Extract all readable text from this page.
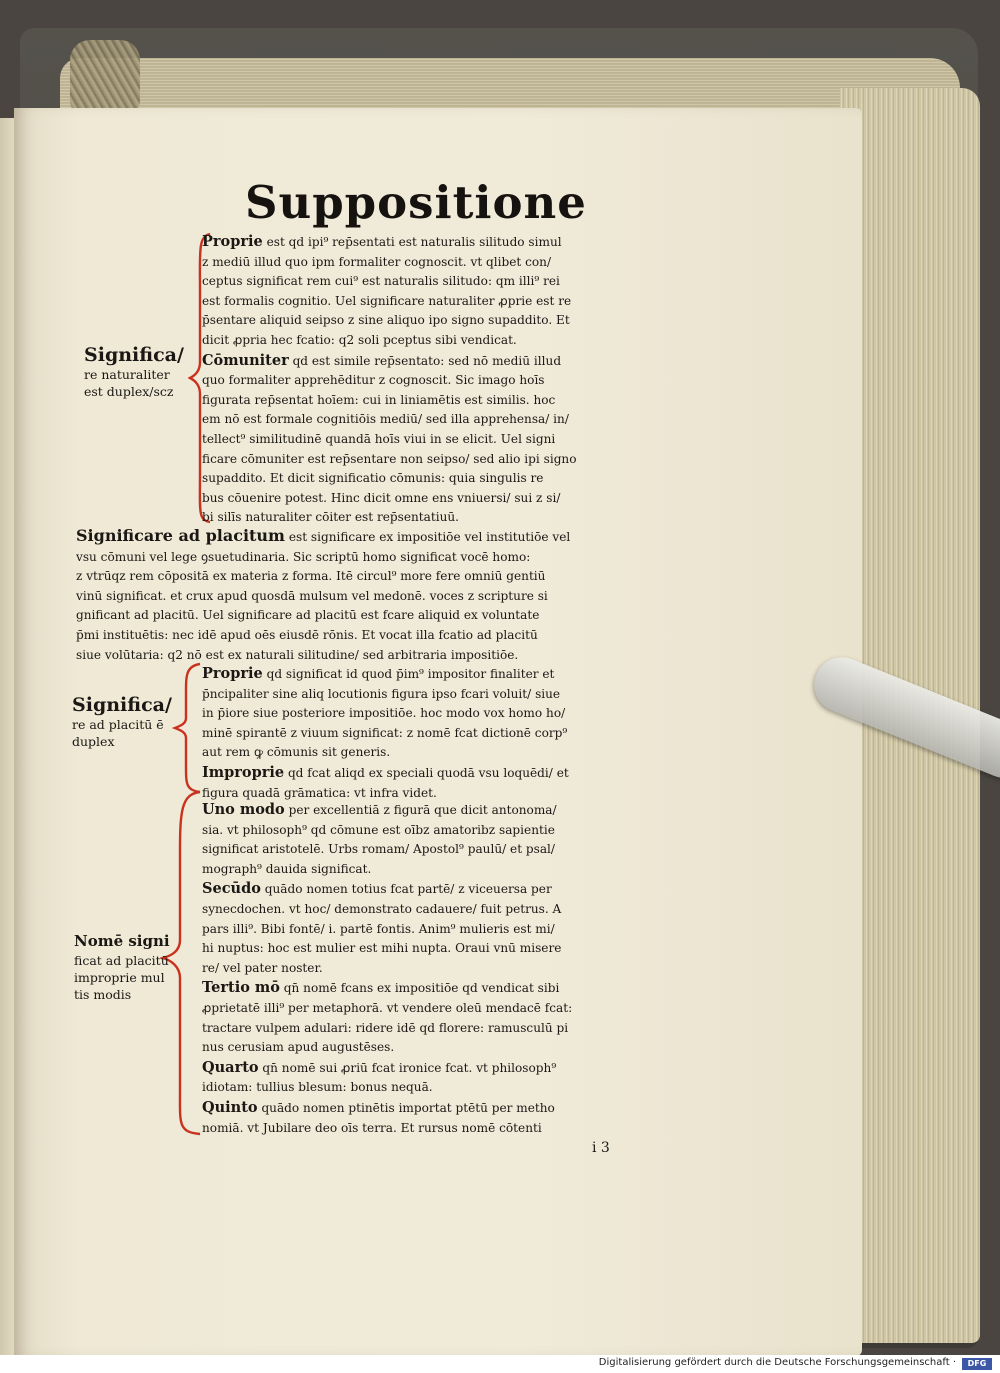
Suppositione
Significa/
re naturaliter
est duplex/scz
Significa/
re ad placitū ē
duplex
Nomē signi
ficat ad placitū
improprie mul
tis modis

Proprie est qd ipi⁹ rep̄sentati est naturalis silitudo simul
z mediū illud quo ipm formaliter cognoscit. vt qlibet con/
ceptus significat rem cui⁹ est naturalis silitudo: qm illi⁹ rei
est formalis cognitio. Uel significare naturaliter ꝓprie est re
p̄sentare aliquid seipso z sine aliquo ipo signo supaddito. Et
dicit ꝓpria hec fcatio: q2 soli pceptus sibi vendicat.

Cōmuniter qd est simile rep̄sentato: sed nō mediū illud
quo formaliter apprehēditur z cognoscit. Sic imago hoīs
figurata rep̄sentat hoīem: cui in liniamētis est similis. hoc
em nō est formale cognitiōis mediū/ sed illa apprehensa/ in/
tellect⁹ similitudinē quandā hoīs viui in se elicit. Uel signi
ficare cōmuniter est rep̄sentare non seipso/ sed alio ipi signo
supaddito. Et dicit significatio cōmunis: quia singulis re
bus cōuenire potest. Hinc dicit omne ens vniuersi/ sui z si/
bi silīs naturaliter cōiter est rep̄sentatiuū.

Significare ad placitum est significare ex impositiōe vel institutiōe vel
vsu cōmuni vel lege ꝯsuetudinaria. Sic scriptū homo significat vocē homo:
z vtrūqz rem cōpositā ex materia z forma. Itē circul⁹ more fere omniū gentiū
vinū significat. et crux apud quosdā mulsum vel medonē. voces z scripture si
gnificant ad placitū. Uel significare ad placitū est fcare aliquid ex voluntate
p̄mi instituētis: nec idē apud oēs eiusdē rōnis. Et vocat illa fcatio ad placitū
siue volūtaria: q2 nō est ex naturali silitudine/ sed arbitraria impositiōe.

Proprie qd significat id quod p̄im⁹ impositor finaliter et
p̄ncipaliter sine aliq locutionis figura ipso fcari voluit/ siue
in p̄iore siue posteriore impositiōe. hoc modo vox homo ho/
minē spirantē z viuum significat: z nomē fcat dictionē corp⁹
aut rem ꝙ cōmunis sit generis.

Improprie qd fcat aliqd ex speciali quodā vsu loquēdi/ et
figura quadā grāmatica: vt infra videt.

Uno modo per excellentiā z figurā que dicit antonoma/
sia. vt philosoph⁹ qd cōmune est oībz amatoribz sapientie
significat aristotelē. Urbs romam/ Apostol⁹ paulū/ et psal/
mograph⁹ dauida significat.

Secūdo quādo nomen totius fcat partē/ z viceuersa per
synecdochen. vt hoc/ demonstrato cadauere/ fuit petrus. A
pars illi⁹. Bibi fontē/ i. partē fontis. Anim⁹ mulieris est mi/
hi nuptus: hoc est mulier est mihi nupta. Oraui vnū misere
re/ vel pater noster.

Tertio mō qn̄ nomē fcans ex impositiōe qd vendicat sibi
ꝓprietatē illi⁹ per metaphorā. vt vendere oleū mendacē fcat:
tractare vulpem adulari: ridere idē qd florere: ramusculū pi
nus cerusiam apud augustēses.

Quarto qn̄ nomē sui ꝓriū fcat ironice fcat. vt philosoph⁹
idiotam: tullius blesum: bonus nequā.

Quinto quādo nomen ptinētis importat ptētū per metho
nomiā. vt Jubilare deo oīs terra. Et rursus nomē cōtenti

i 3

Digitalisierung gefördert durch die Deutsche Forschungsgemeinschaft ·	DFG
